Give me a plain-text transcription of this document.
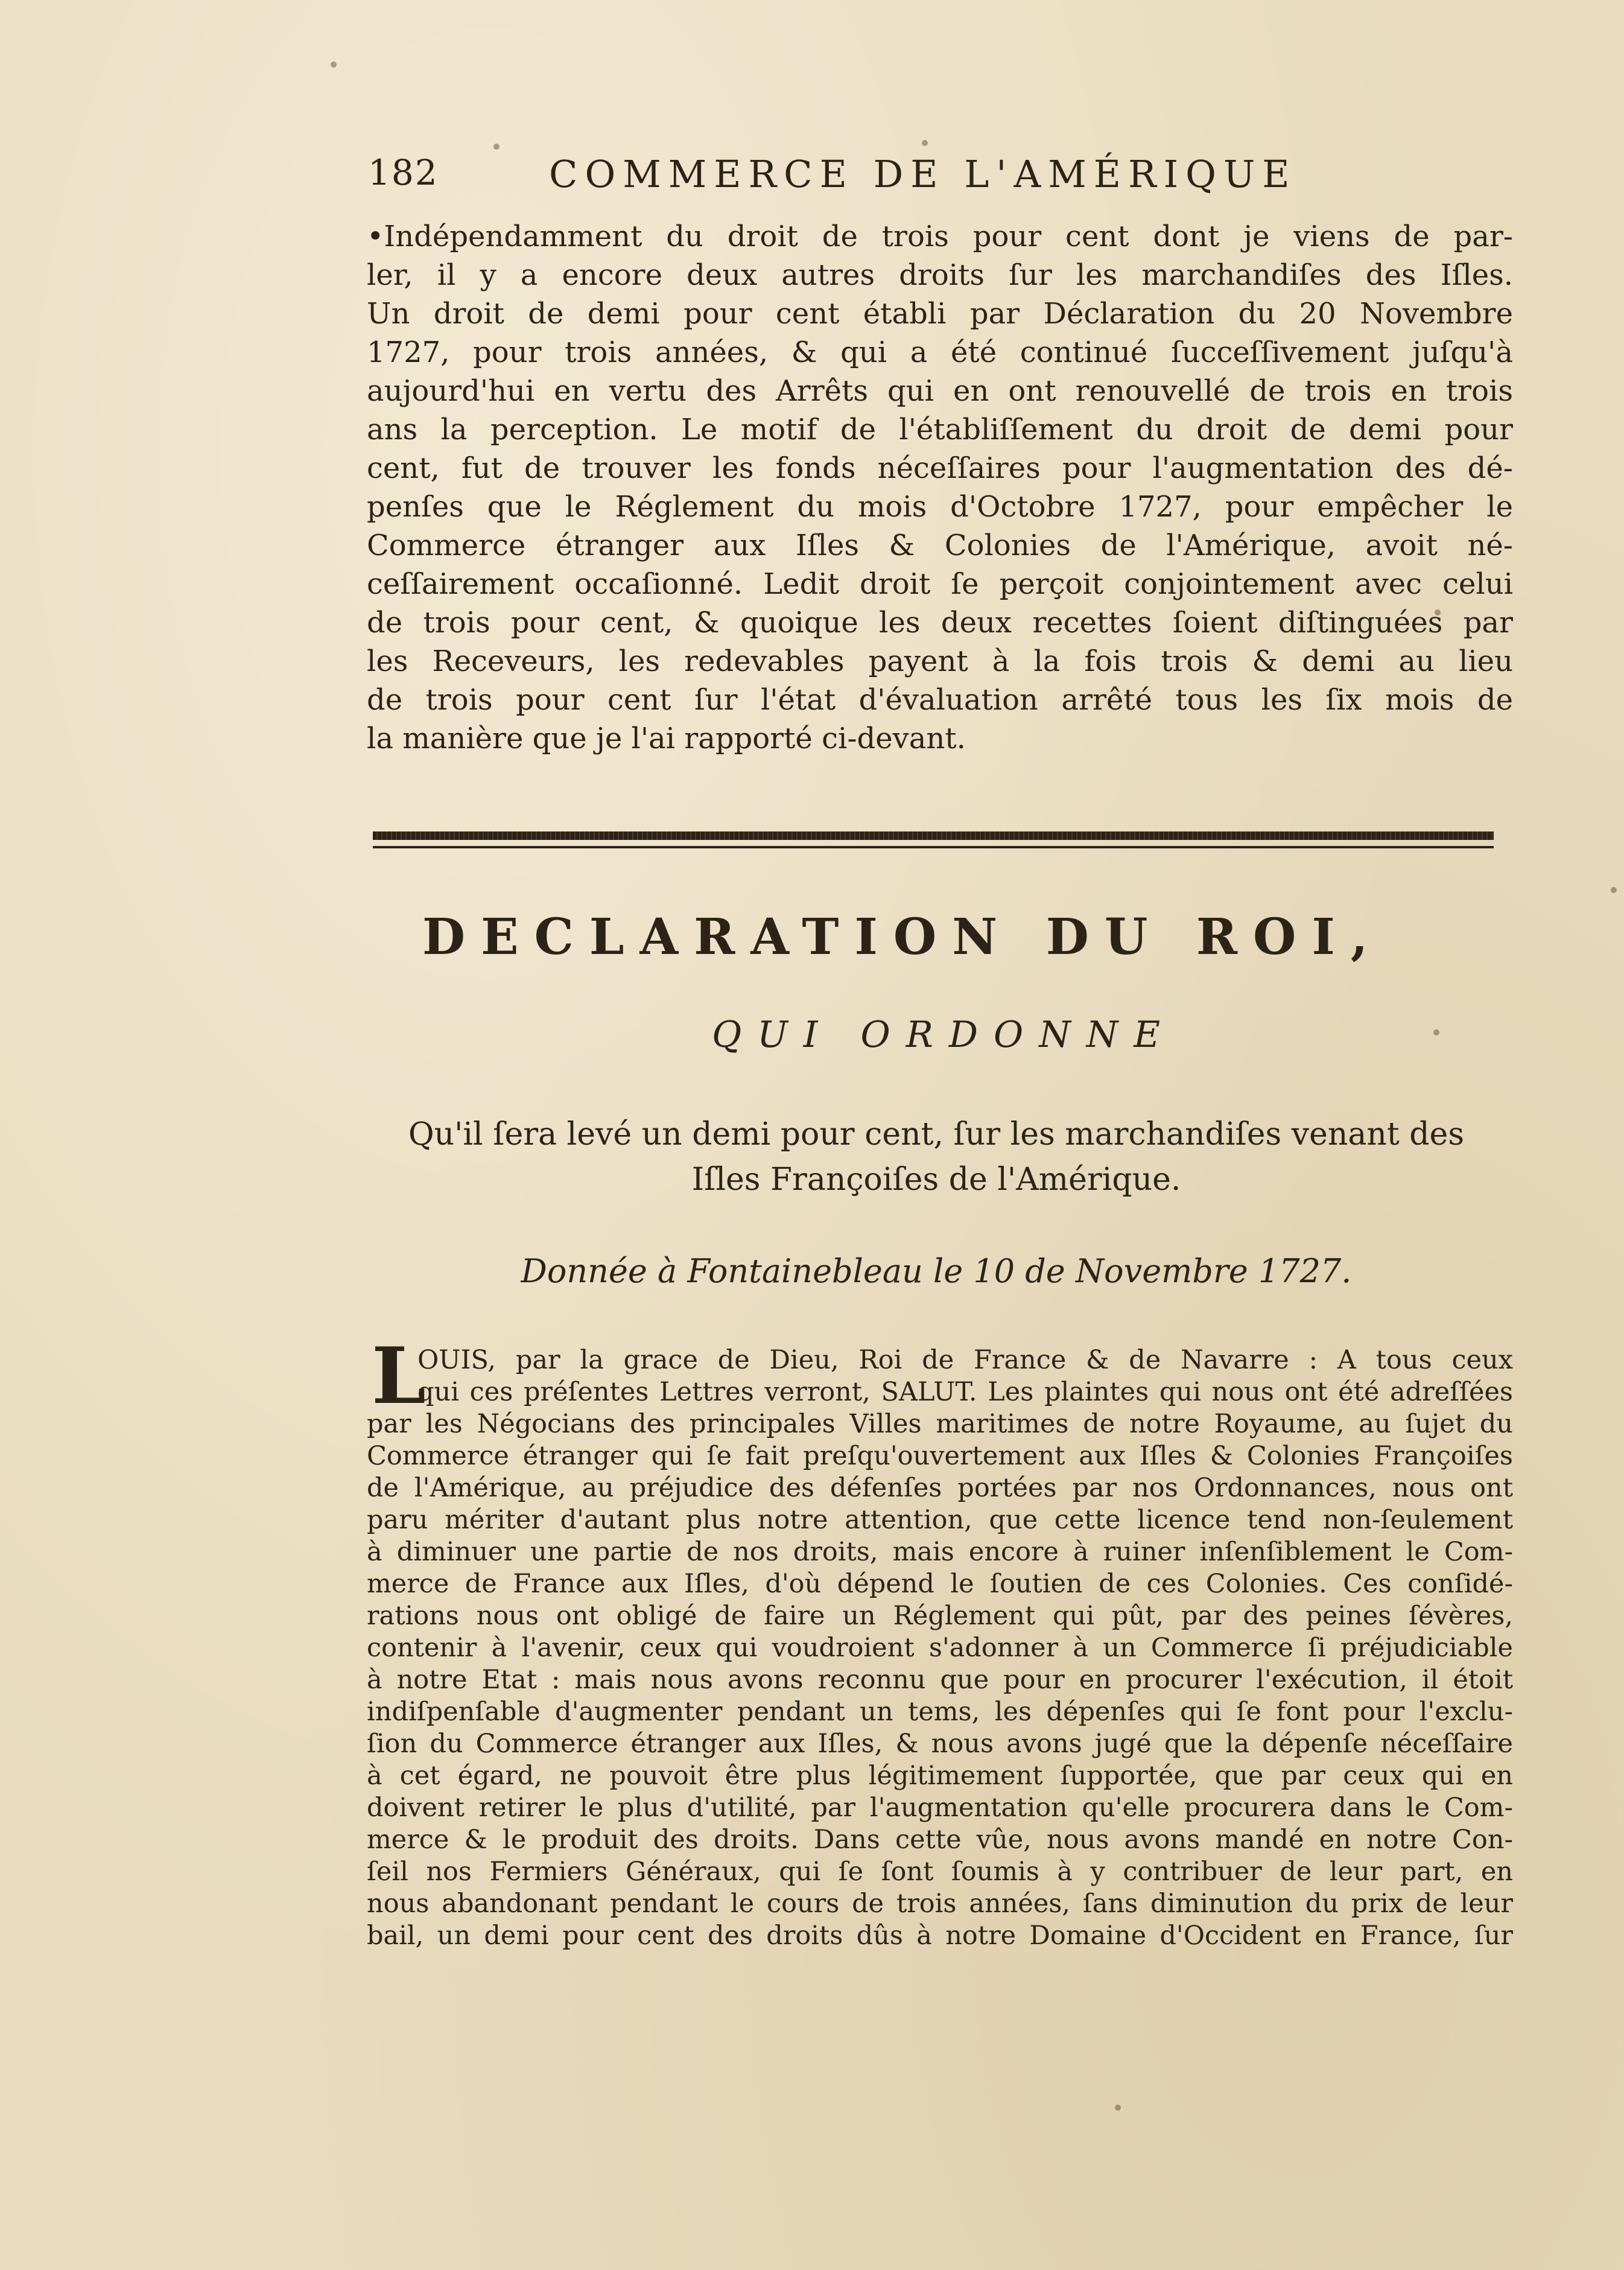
182	COMMERCE DE L'AMÉRIQUE
•Indépendamment du droit de trois pour cent dont je viens de par-
ler, il y a encore deux autres droits ſur les marchandiſes des Iſles.
Un droit de demi pour cent établi par Déclaration du 20 Novembre
1727, pour trois années, & qui a été continué ſucceſſivement juſqu'à
aujourd'hui en vertu des Arrêts qui en ont renouvellé de trois en trois
ans la perception. Le motif de l'établiſſement du droit de demi pour
cent, fut de trouver les fonds néceſſaires pour l'augmentation des dé-
penſes que le Réglement du mois d'Octobre 1727, pour empêcher le
Commerce étranger aux Iſles & Colonies de l'Amérique, avoit né-
ceſſairement occaſionné. Ledit droit ſe perçoit conjointement avec celui
de trois pour cent, & quoique les deux recettes ſoient diſtinguées par
les Receveurs, les redevables payent à la fois trois & demi au lieu
de trois pour cent ſur l'état d'évaluation arrêté tous les ſix mois de
la manière que je l'ai rapporté ci-devant.
DECLARATION DU ROI,
QUI ORDONNE
Qu'il ſera levé un demi pour cent, ſur les marchandiſes venant des
Iſles Françoiſes de l'Amérique.
Donnée à Fontainebleau le 10 de Novembre 1727.
L
OUIS, par la grace de Dieu, Roi de France & de Navarre : A tous ceux
qui ces préſentes Lettres verront, SALUT. Les plaintes qui nous ont été adreſſées
par les Négocians des principales Villes maritimes de notre Royaume, au ſujet du
Commerce étranger qui ſe fait preſqu'ouvertement aux Iſles & Colonies Françoiſes
de l'Amérique, au préjudice des défenſes portées par nos Ordonnances, nous ont
paru mériter d'autant plus notre attention, que cette licence tend non-ſeulement
à diminuer une partie de nos droits, mais encore à ruiner inſenſiblement le Com-
merce de France aux Iſles, d'où dépend le ſoutien de ces Colonies. Ces conſidé-
rations nous ont obligé de faire un Réglement qui pût, par des peines ſévères,
contenir à l'avenir, ceux qui voudroient s'adonner à un Commerce ſi préjudiciable
à notre Etat : mais nous avons reconnu que pour en procurer l'exécution, il étoit
indiſpenſable d'augmenter pendant un tems, les dépenſes qui ſe font pour l'exclu-
ſion du Commerce étranger aux Iſles, & nous avons jugé que la dépenſe néceſſaire
à cet égard, ne pouvoit être plus légitimement ſupportée, que par ceux qui en
doivent retirer le plus d'utilité, par l'augmentation qu'elle procurera dans le Com-
merce & le produit des droits. Dans cette vûe, nous avons mandé en notre Con-
ſeil nos Fermiers Généraux, qui ſe ſont ſoumis à y contribuer de leur part, en
nous abandonant pendant le cours de trois années, ſans diminution du prix de leur
bail, un demi pour cent des droits dûs à notre Domaine d'Occident en France, ſur
